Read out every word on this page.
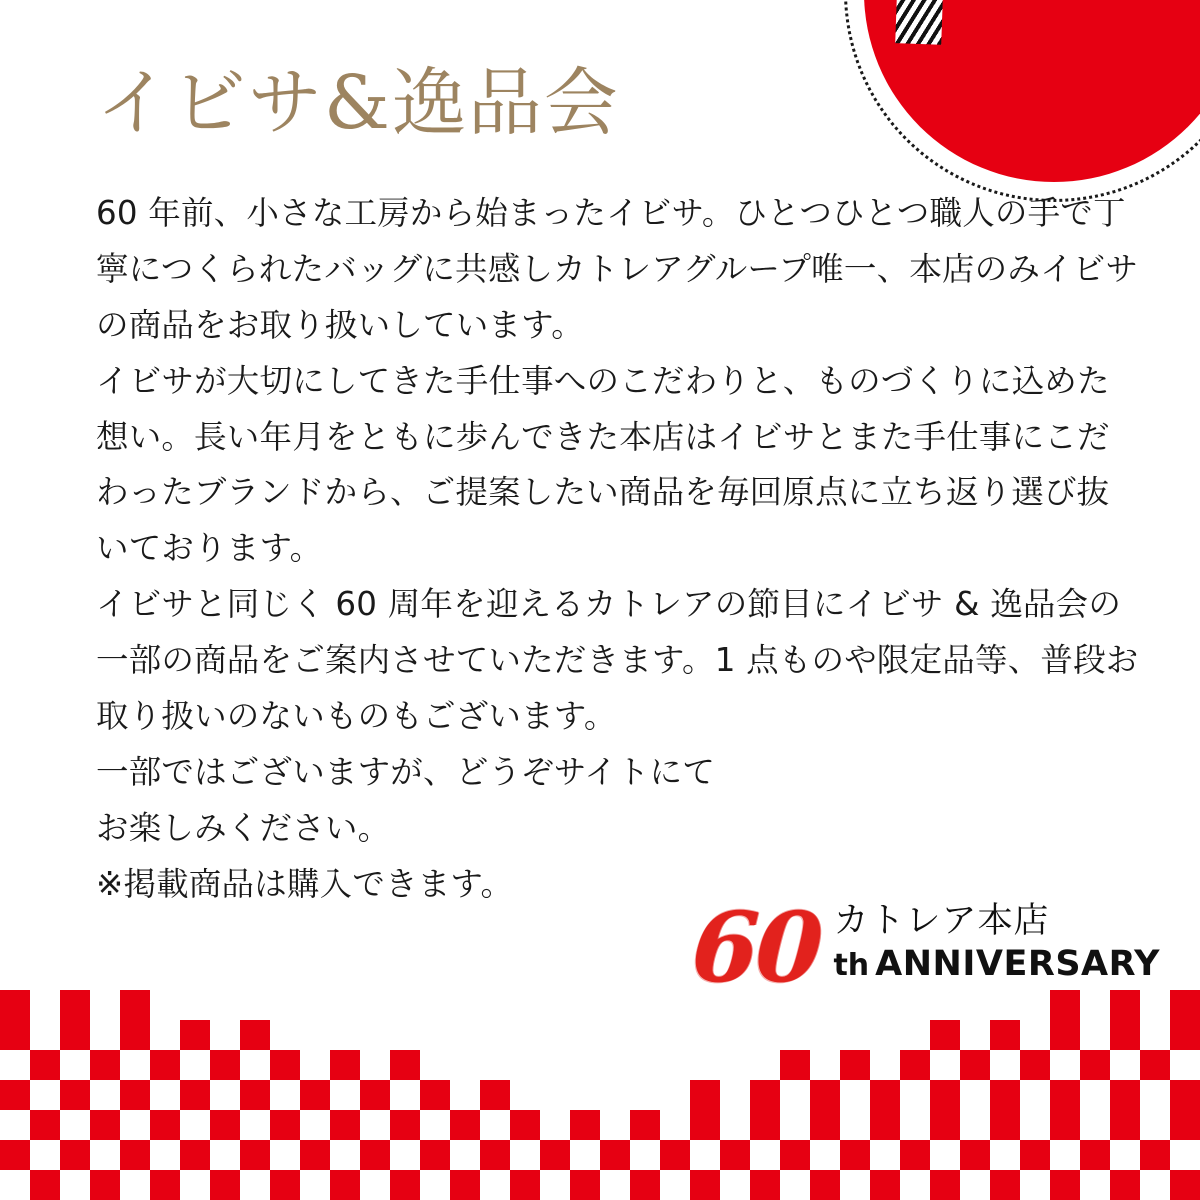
イビサ&逸品会

60 年前、小さな工房から始まったイビサ。ひとつひとつ職人の手で丁寧につくられたバッグに共感しカトレアグループ唯一、本店のみイビサの商品をお取り扱いしています。

イビサが大切にしてきた手仕事へのこだわりと、ものづくりに込めた想い。長い年月をともに歩んできた本店はイビサとまた手仕事にこだわったブランドから、ご提案したい商品を毎回原点に立ち返り選び抜いております。

イビサと同じく 60 周年を迎えるカトレアの節目にイビサ & 逸品会の一部の商品をご案内させていただきます。1 点ものや限定品等、普段お取り扱いのないものもございます。

一部ではございますが、どうぞサイトにて

お楽しみください。

※掲載商品は購入できます。

60 カトレア本店
th ANNIVERSARY
